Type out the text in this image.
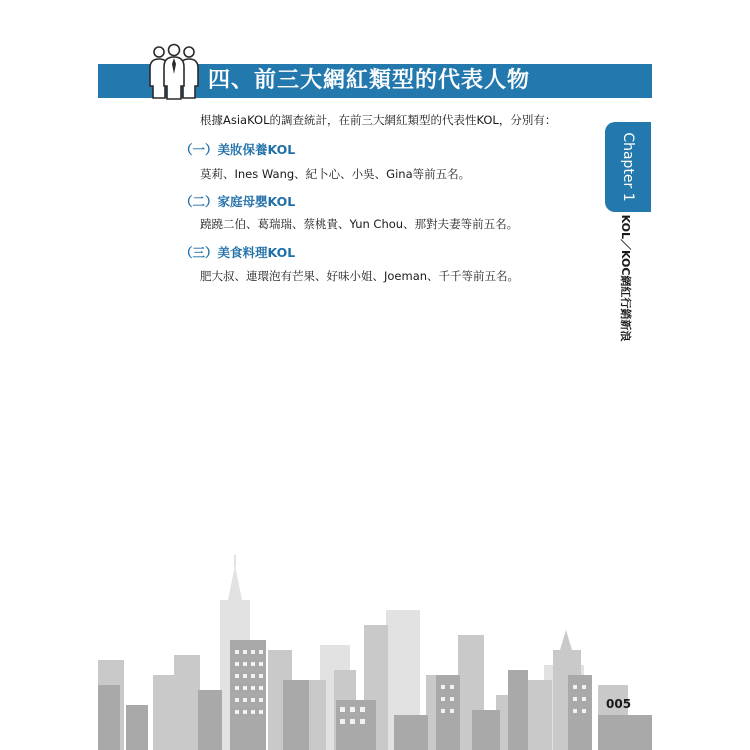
四、前三大網紅類型的代表人物
根據AsiaKOL的調查統計，在前三大網紅類型的代表性KOL，分別有：
（一）美妝保養KOL
莫莉、Ines Wang、紀卜心、小吳、Gina等前五名。
（二）家庭母嬰KOL
蹺蹺二伯、葛瑞瑞、蔡桃貴、Yun Chou、那對夫妻等前五名。
（三）美食料理KOL
肥大叔、連環泡有芒果、好味小姐、Joeman、千千等前五名。
Chapter 1
KOL／KOC網紅行銷新浪
005
